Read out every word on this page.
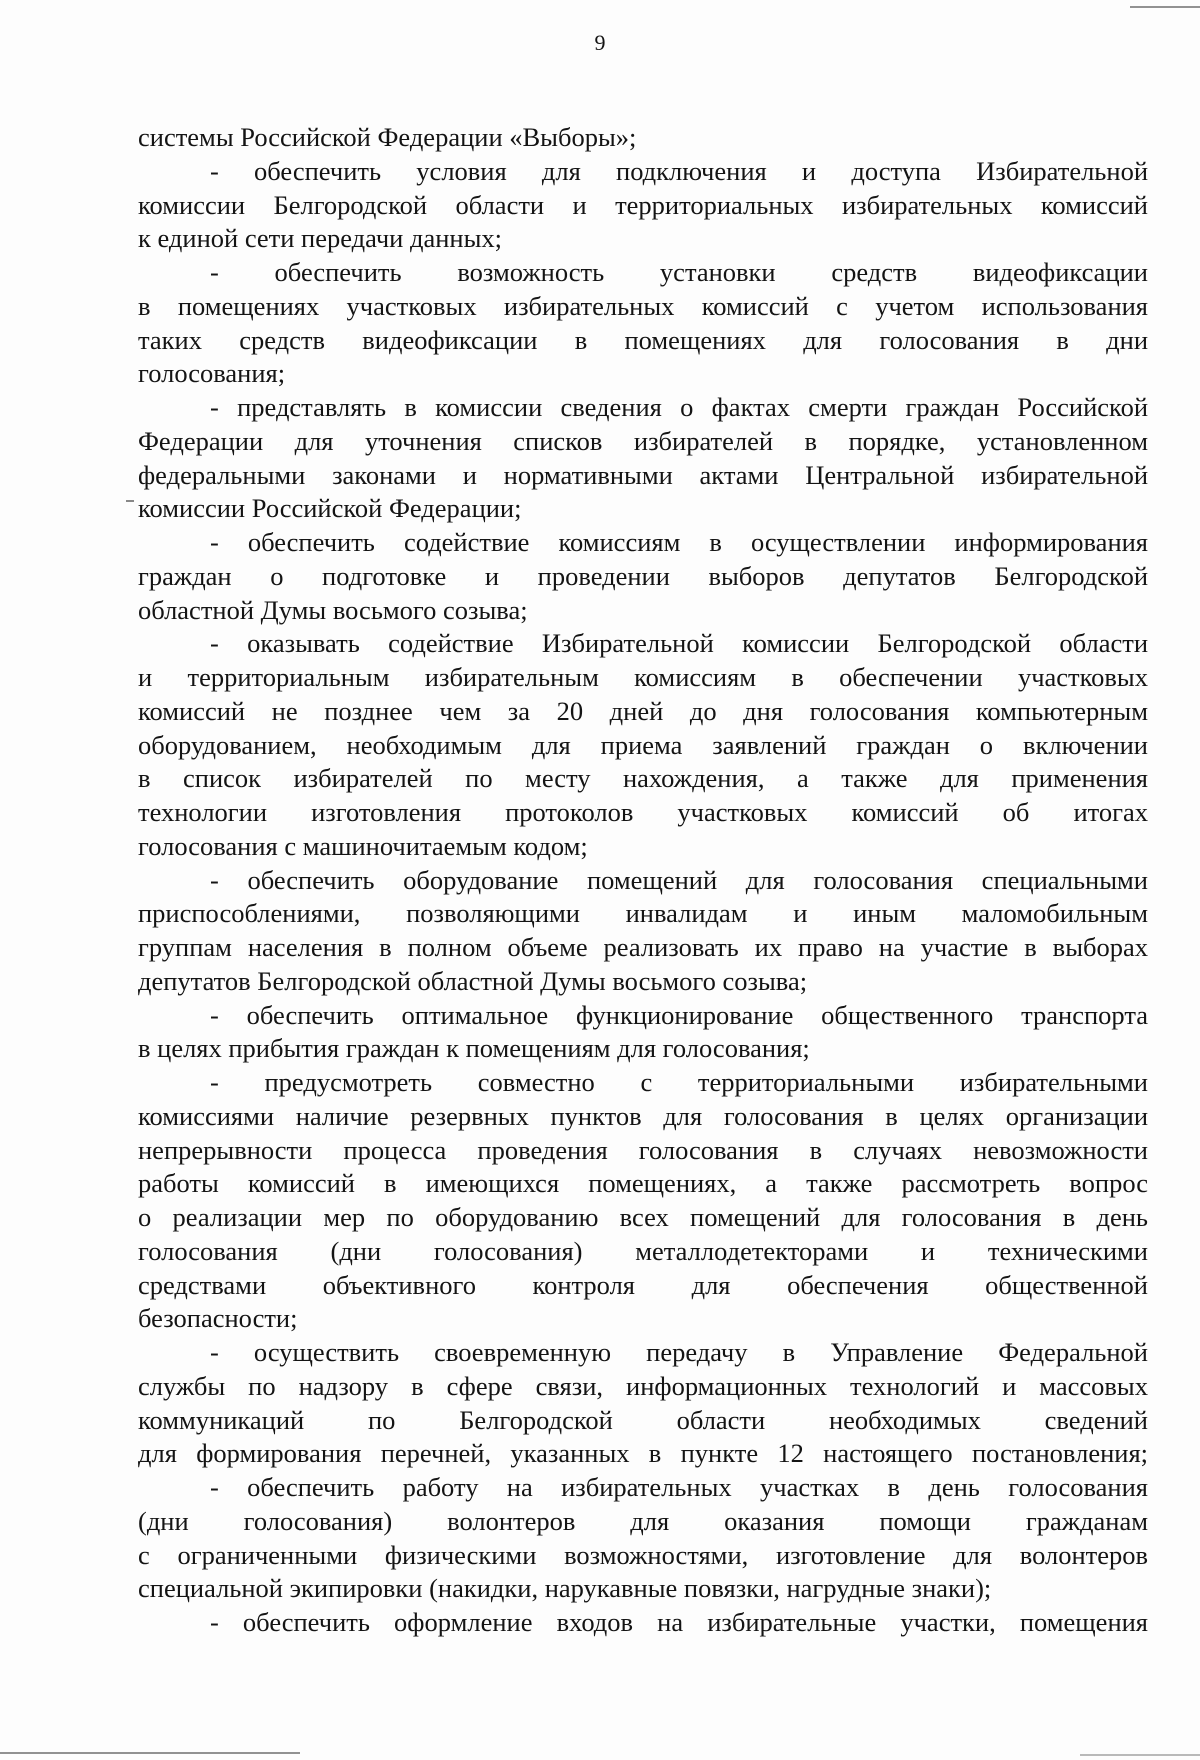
9
системы Российской Федерации «Выборы»;
- обеспечить условия для подключения и доступа Избирательной
комиссии Белгородской области и территориальных избирательных комиссий
к единой сети передачи данных;
- обеспечить возможность установки средств видеофиксации
в помещениях участковых избирательных комиссий с учетом использования
таких средств видеофиксации в помещениях для голосования в дни
голосования;
- представлять в комиссии сведения о фактах смерти граждан Российской
Федерации для уточнения списков избирателей в порядке, установленном
федеральными законами и нормативными актами Центральной избирательной
комиссии Российской Федерации;
- обеспечить содействие комиссиям в осуществлении информирования
граждан о подготовке и проведении выборов депутатов Белгородской
областной Думы восьмого созыва;
- оказывать содействие Избирательной комиссии Белгородской области
и территориальным избирательным комиссиям в обеспечении участковых
комиссий не позднее чем за 20 дней до дня голосования компьютерным
оборудованием, необходимым для приема заявлений граждан о включении
в список избирателей по месту нахождения, а также для применения
технологии изготовления протоколов участковых комиссий об итогах
голосования с машиночитаемым кодом;
- обеспечить оборудование помещений для голосования специальными
приспособлениями, позволяющими инвалидам и иным маломобильным
группам населения в полном объеме реализовать их право на участие в выборах
депутатов Белгородской областной Думы восьмого созыва;
- обеспечить оптимальное функционирование общественного транспорта
в целях прибытия граждан к помещениям для голосования;
- предусмотреть совместно с территориальными избирательными
комиссиями наличие резервных пунктов для голосования в целях организации
непрерывности процесса проведения голосования в случаях невозможности
работы комиссий в имеющихся помещениях, а также рассмотреть вопрос
о реализации мер по оборудованию всех помещений для голосования в день
голосования (дни голосования) металлодетекторами и техническими
средствами объективного контроля для обеспечения общественной
безопасности;
- осуществить своевременную передачу в Управление Федеральной
службы по надзору в сфере связи, информационных технологий и массовых
коммуникаций по Белгородской области необходимых сведений
для формирования перечней, указанных в пункте 12 настоящего постановления;
- обеспечить работу на избирательных участках в день голосования
(дни голосования) волонтеров для оказания помощи гражданам
с ограниченными физическими возможностями, изготовление для волонтеров
специальной экипировки (накидки, нарукавные повязки, нагрудные знаки);
- обеспечить оформление входов на избирательные участки, помещения
